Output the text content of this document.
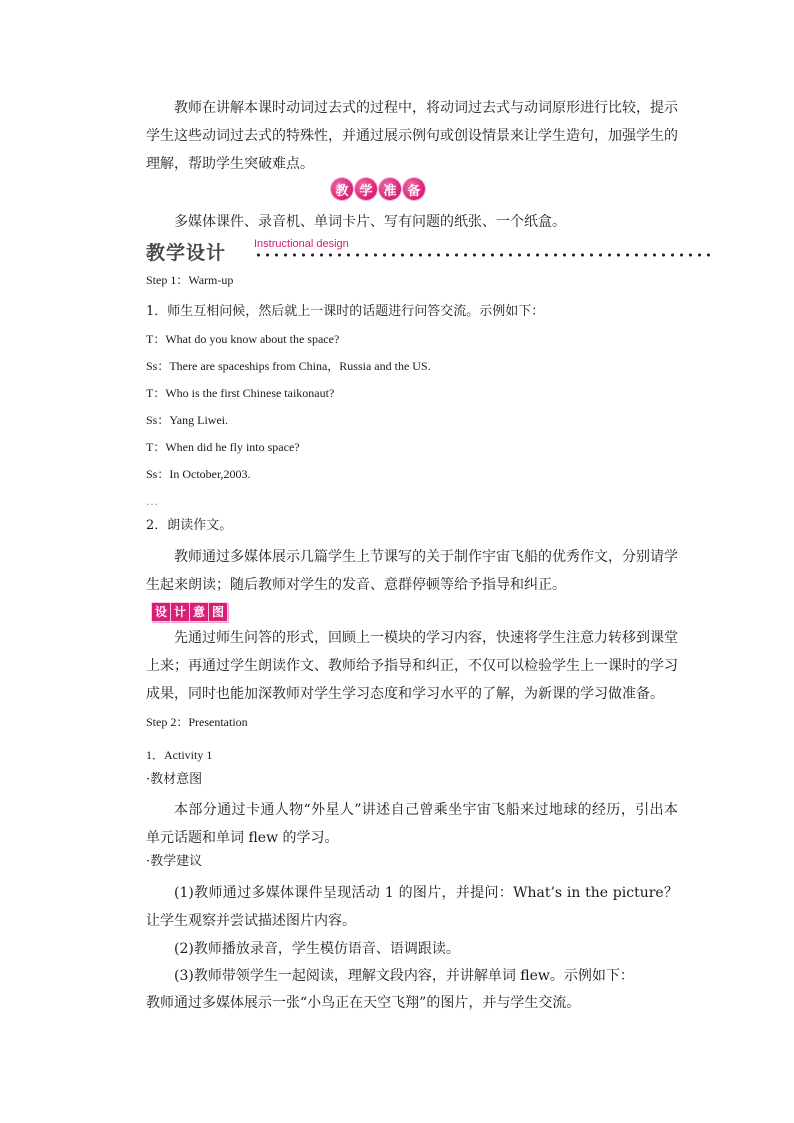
教师在讲解本课时动词过去式的过程中，将动词过去式与动词原形进行比较，提示学生这些动词过去式的特殊性，并通过展示例句或创设情景来让学生造句，加强学生的理解，帮助学生突破难点。

教 学 准 备

多媒体课件、录音机、单词卡片、写有问题的纸张、一个纸盒。

教学设计	Instructional design
Step 1：Warm-up
1．师生互相问候，然后就上一课时的话题进行问答交流。示例如下：
T：What do you know about the space?
Ss：There are spaceships from China，Russia and the US.
T：Who is the first Chinese taikonaut?
Ss：Yang Liwei.
T：When did he fly into space?
Ss：In October,2003.
…
2．朗读作文。

教师通过多媒体展示几篇学生上节课写的关于制作宇宙飞船的优秀作文，分别请学生起来朗读；随后教师对学生的发音、意群停顿等给予指导和纠正。

设 计 意 图

先通过师生问答的形式，回顾上一模块的学习内容，快速将学生注意力转移到课堂上来；再通过学生朗读作文、教师给予指导和纠正，不仅可以检验学生上一课时的学习成果，同时也能加深教师对学生学习态度和学习水平的了解，为新课的学习做准备。

Step 2：Presentation
1．Activity 1
·教材意图

本部分通过卡通人物“外星人”讲述自己曾乘坐宇宙飞船来过地球的经历，引出本单元话题和单词 flew 的学习。

·教学建议

(1)教师通过多媒体课件呈现活动 1 的图片，并提问：What’s in the picture？让学生观察并尝试描述图片内容。

(2)教师播放录音，学生模仿语音、语调跟读。

(3)教师带领学生一起阅读，理解文段内容，并讲解单词 flew。示例如下：

教师通过多媒体展示一张“小鸟正在天空飞翔”的图片，并与学生交流。
